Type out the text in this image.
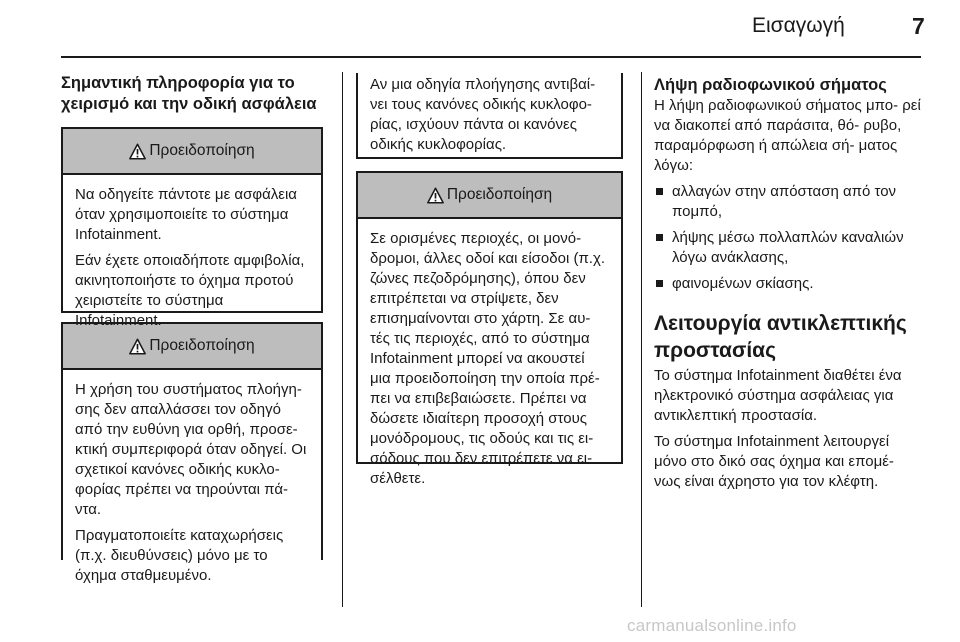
Εισαγωγή	7
Σημαντική πληροφορία για το
χειρισμό και την οδική ασφάλεια
Προειδοποίηση

Να οδηγείτε πάντοτε με ασφάλεια όταν χρησιμοποιείτε το σύστημα Infotainment.

Εάν έχετε οποιαδήποτε αμφιβολία, ακινητοποιήστε το όχημα προτού χειριστείτε το σύστημα Infotainment.

Προειδοποίηση

Η χρήση του συστήματος πλοήγη- σης δεν απαλλάσσει τον οδηγό από την ευθύνη για ορθή, προσε- κτική συμπεριφορά όταν οδηγεί. Οι σχετικοί κανόνες οδικής κυκλο- φορίας πρέπει να τηρούνται πά- ντα.

Πραγματοποιείτε καταχωρήσεις (π.χ. διευθύνσεις) μόνο με το όχημα σταθμευμένο.

Αν μια οδηγία πλοήγησης αντιβαί- νει τους κανόνες οδικής κυκλοφο- ρίας, ισχύουν πάντα οι κανόνες οδικής κυκλοφορίας.

Προειδοποίηση

Σε ορισμένες περιοχές, οι μονό- δρομοι, άλλες οδοί και είσοδοι (π.χ. ζώνες πεζοδρόμησης), όπου δεν επιτρέπεται να στρίψετε, δεν επισημαίνονται στο χάρτη. Σε αυ- τές τις περιοχές, από το σύστημα Infotainment μπορεί να ακουστεί μια προειδοποίηση την οποία πρέ- πει να επιβεβαιώσετε. Πρέπει να δώσετε ιδιαίτερη προσοχή στους μονόδρομους, τις οδούς και τις ει- σόδους που δεν επιτρέπετε να ει- σέλθετε.

Λήψη ραδιοφωνικού σήματος

Η λήψη ραδιοφωνικού σήματος μπο- ρεί να διακοπεί από παράσιτα, θό- ρυβο, παραμόρφωση ή απώλεια σή- ματος λόγω:

αλλαγών στην απόσταση από τον πομπό,
λήψης μέσω πολλαπλών καναλιών λόγω ανάκλασης,
φαινομένων σκίασης.
Λειτουργία αντικλεπτικής
προστασίας

Το σύστημα Infotainment διαθέτει ένα ηλεκτρονικό σύστημα ασφάλειας για αντικλεπτική προστασία.

Το σύστημα Infotainment λειτουργεί μόνο στο δικό σας όχημα και επομέ- νως είναι άχρηστο για τον κλέφτη.

carmanualsonline.info
